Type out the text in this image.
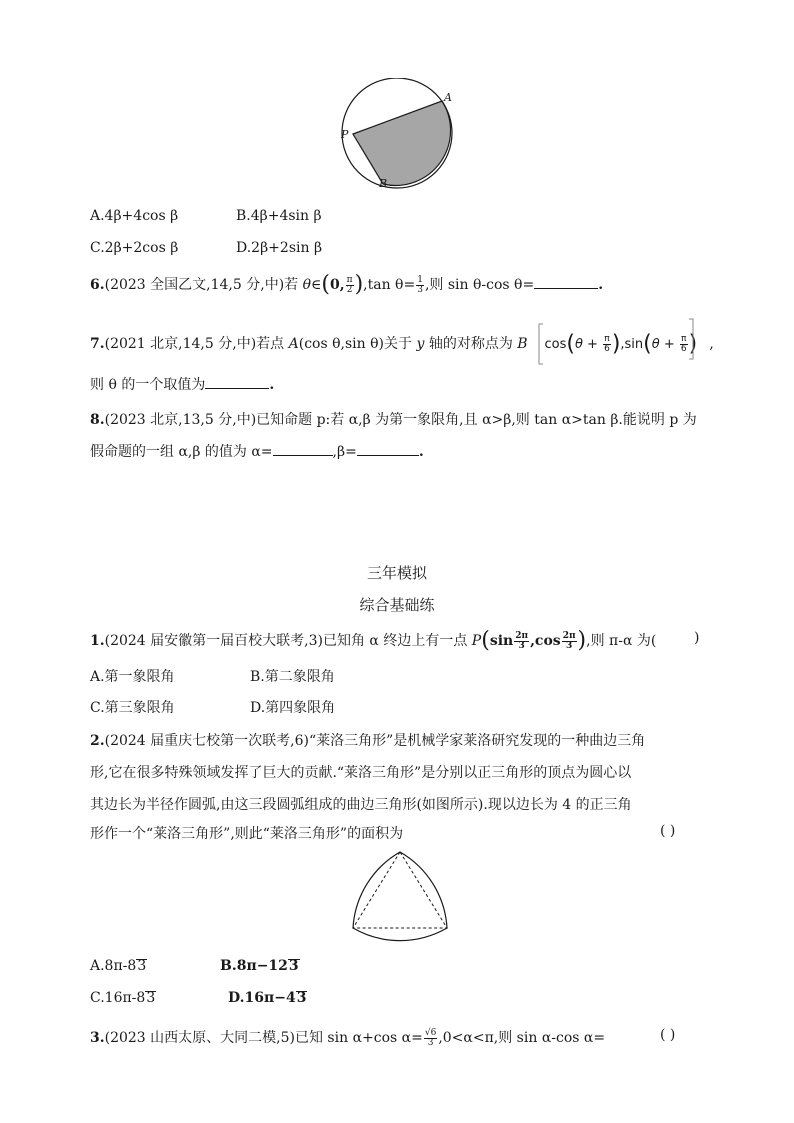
A
P
B
A.4β+4cos β	B.4β+4sin β
C.2β+2cos β	D.2β+2sin β
6.(2023 全国乙文,14,5 分,中)若 θ∈(0, $\frac{\pi}{2} ),\tan$ $\theta= \frac{1}{3}$ ,则 sin θ-cos θ=	.
7.(2021 北京,14,5 分,中)若点 A(cos θ,sin θ)关于 y 轴的对称点为 B $\cos(\theta + \frac{\pi}{6} ),\sin(\theta + \frac{\pi}{6}$ ) ,
则 θ 的一个取值为	.
8.(2023 北京,13,5 分,中)已知命题 p:若 α,β 为第一象限角,且 α>β,则 tan α>tan β.能说明 p 为
假命题的一组 α,β 的值为 α=	,β=	.
三年模拟
综合基础练
1.(2024 届安徽第一届百校大联考,3)已知角 α 终边上有一点 $P(\sin \frac{2\pi}{3} ,\cos \frac{2\pi}{3}$ ),则 π-α 为(	)
A.第一象限角	B.第二象限角
C.第三象限角	D.第四象限角
2.(2024 届重庆七校第一次联考,6)“莱洛三角形”是机械学家莱洛研究发现的一种曲边三角
形,它在很多特殊领域发挥了巨大的贡献.“莱洛三角形”是分别以正三角形的顶点为圆心以
其边长为半径作圆弧,由这三段圆弧组成的曲边三角形(如图所示).现以边长为 4 的正三角
形作一个“莱洛三角形”,则此“莱洛三角形”的面积为	( )
A.8π-83	B.8π−123
C.16π-83	D.16π−43
3.(2023 山西太原、大同二模,5)已知 sin α+cos $\alpha= \frac{√6}{3} ,0<\alpha<\pi$,则 sin α-cos α=	( )
